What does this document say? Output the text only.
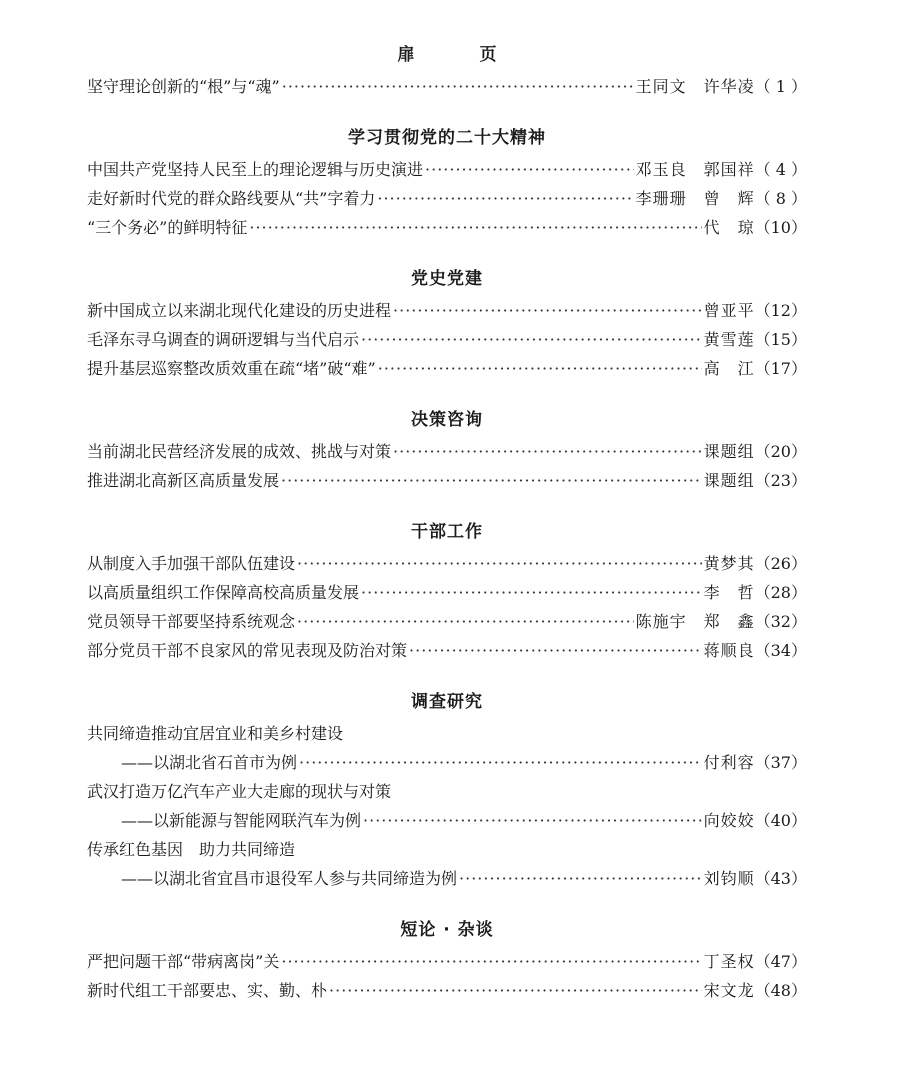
扉　页
坚守理论创新的“根”与“魂” ·····	王同文　许华凌 （ 1 ）
学习贯彻党的二十大精神
中国共产党坚持人民至上的理论逻辑与历史演进 ·····	邓玉良　郭国祥 （ 4 ）
走好新时代党的群众路线要从“共”字着力 ·····	李珊珊　曾　辉 （ 8 ）
“三个务必”的鲜明特征 ·····	代　琼 （10）
党史党建
新中国成立以来湖北现代化建设的历史进程 ·····	曾亚平 （12）
毛泽东寻乌调查的调研逻辑与当代启示 ·····	黄雪莲 （15）
提升基层巡察整改质效重在疏“堵”破“难” ·····	高　江 （17）
决策咨询
当前湖北民营经济发展的成效、挑战与对策 ·····	课题组 （20）
推进湖北高新区高质量发展 ·····	课题组 （23）
干部工作
从制度入手加强干部队伍建设 ·····	黄梦其 （26）
以高质量组织工作保障高校高质量发展 ·····	李　哲 （28）
党员领导干部要坚持系统观念 ·····	陈施宇　郑　鑫 （32）
部分党员干部不良家风的常见表现及防治对策 ·····	蒋顺良 （34）
调查研究
共同缔造推动宜居宜业和美乡村建设
——以湖北省石首市为例 ·····	付利容 （37）
武汉打造万亿汽车产业大走廊的现状与对策
——以新能源与智能网联汽车为例 ·····	向姣姣 （40）
传承红色基因　助力共同缔造
——以湖北省宜昌市退役军人参与共同缔造为例 ·····	刘钧顺 （43）
短论 · 杂谈
严把问题干部“带病离岗”关 ·····	丁圣权 （47）
新时代组工干部要忠、实、勤、朴 ·····	宋文龙 （48）
